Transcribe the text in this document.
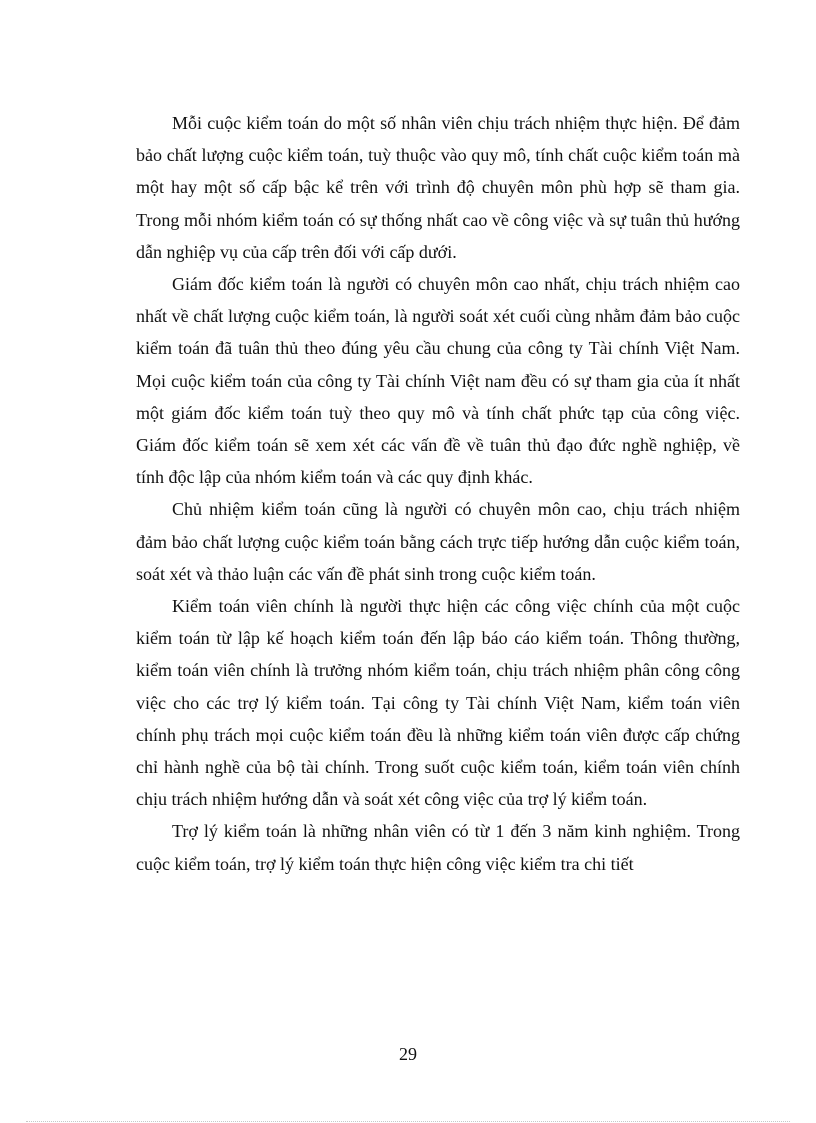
Mỗi cuộc kiểm toán do một số nhân viên chịu trách nhiệm thực hiện. Để đảm bảo chất lượng cuộc kiểm toán, tuỳ thuộc vào quy mô, tính chất cuộc kiểm toán mà một hay một số cấp bậc kể trên với trình độ chuyên môn phù hợp sẽ tham gia. Trong mỗi nhóm kiểm toán có sự thống nhất cao về công việc và sự tuân thủ hướng dẫn nghiệp vụ của cấp trên đối với cấp dưới.

Giám đốc kiểm toán là người có chuyên môn cao nhất, chịu trách nhiệm cao nhất về chất lượng cuộc kiểm toán, là người soát xét cuối cùng nhằm đảm bảo cuộc kiểm toán đã tuân thủ theo đúng yêu cầu chung của công ty Tài chính Việt Nam. Mọi cuộc kiểm toán của công ty Tài chính Việt nam đều có sự tham gia của ít nhất một giám đốc kiểm toán tuỳ theo quy mô và tính chất phức tạp của công việc. Giám đốc kiểm toán sẽ xem xét các vấn đề về tuân thủ đạo đức nghề nghiệp, về tính độc lập của nhóm kiểm toán và các quy định khác.

Chủ nhiệm kiểm toán cũng là người có chuyên môn cao, chịu trách nhiệm đảm bảo chất lượng cuộc kiểm toán bằng cách trực tiếp hướng dẫn cuộc kiểm toán, soát xét và thảo luận các vấn đề phát sinh trong cuộc kiểm toán.

Kiểm toán viên chính là người thực hiện các công việc chính của một cuộc kiểm toán từ lập kế hoạch kiểm toán đến lập báo cáo kiểm toán. Thông thường, kiểm toán viên chính là trưởng nhóm kiểm toán, chịu trách nhiệm phân công công việc cho các trợ lý kiểm toán. Tại công ty Tài chính Việt Nam, kiểm toán viên chính phụ trách mọi cuộc kiểm toán đều là những kiểm toán viên được cấp chứng chỉ hành nghề của bộ tài chính. Trong suốt cuộc kiểm toán, kiểm toán viên chính chịu trách nhiệm hướng dẫn và soát xét công việc của trợ lý kiểm toán.

Trợ lý kiểm toán là những nhân viên có từ 1 đến 3 năm kinh nghiệm. Trong cuộc kiểm toán, trợ lý kiểm toán thực hiện công việc kiểm tra chi tiết

29
